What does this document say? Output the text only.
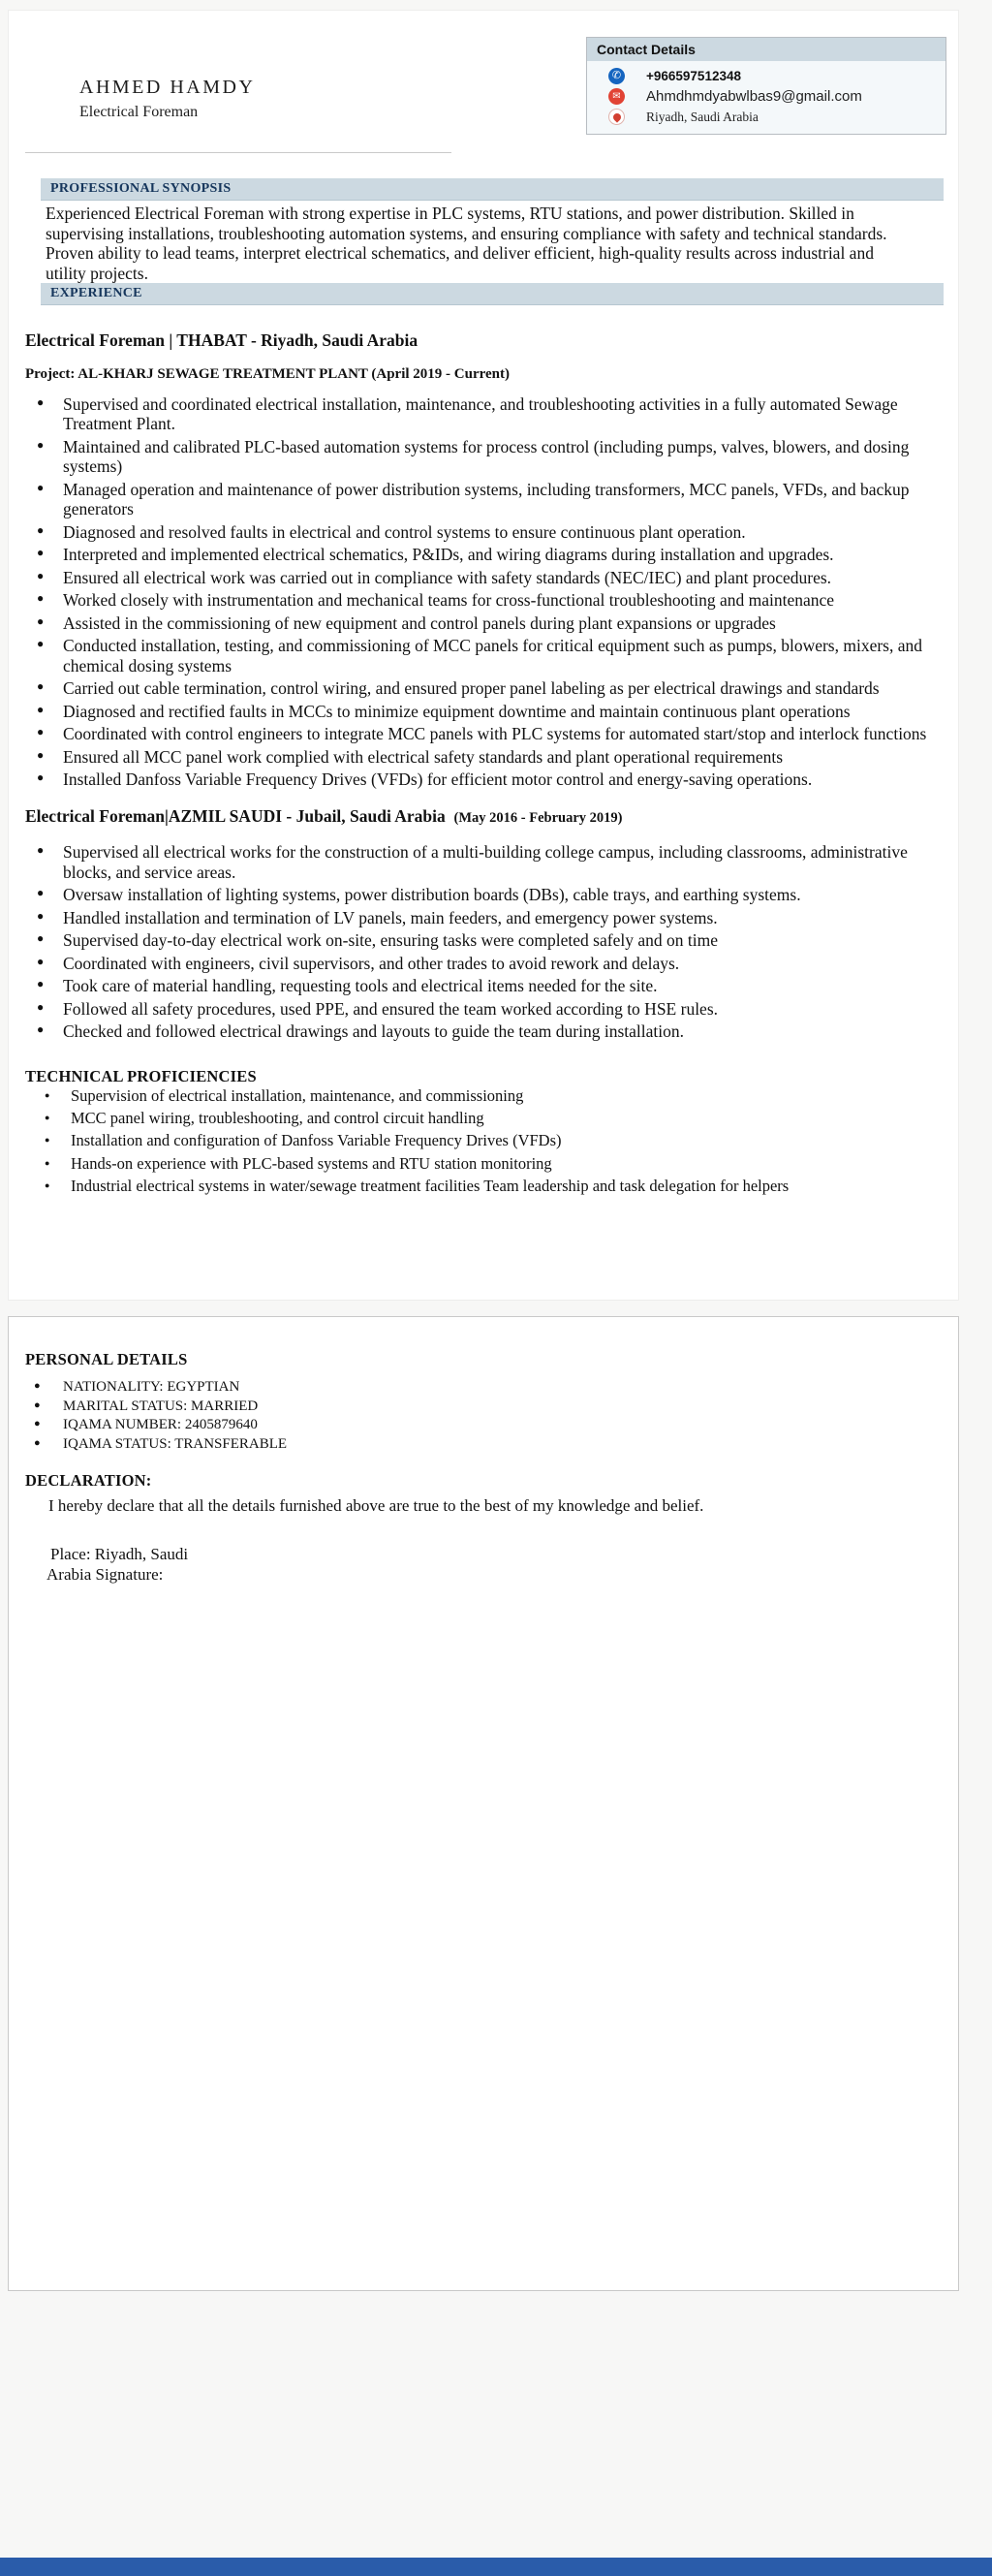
AHMED HAMDY
Electrical Foreman
Contact Details
✆ +966597512348
✉ Ahmdhmdyabwlbas9@gmail.com
Riyadh, Saudi Arabia
PROFESSIONAL SYNOPSIS

Experienced Electrical Foreman with strong expertise in PLC systems, RTU stations, and power distribution. Skilled in supervising installations, troubleshooting automation systems, and ensuring compliance with safety and technical standards. Proven ability to lead teams, interpret electrical schematics, and deliver efficient, high-quality results across industrial and utility projects.

EXPERIENCE
Electrical Foreman | THABAT - Riyadh, Saudi Arabia
Project: AL-KHARJ SEWAGE TREATMENT PLANT (April 2019 - Current)
● Supervised and coordinated electrical installation, maintenance, and troubleshooting activities in a fully automated Sewage Treatment Plant.
● Maintained and calibrated PLC-based automation systems for process control (including pumps, valves, blowers, and dosing systems)
● Managed operation and maintenance of power distribution systems, including transformers, MCC panels, VFDs, and backup generators
● Diagnosed and resolved faults in electrical and control systems to ensure continuous plant operation.
● Interpreted and implemented electrical schematics, P&IDs, and wiring diagrams during installation and upgrades.
● Ensured all electrical work was carried out in compliance with safety standards (NEC/IEC) and plant procedures.
● Worked closely with instrumentation and mechanical teams for cross-functional troubleshooting and maintenance
● Assisted in the commissioning of new equipment and control panels during plant expansions or upgrades
● Conducted installation, testing, and commissioning of MCC panels for critical equipment such as pumps, blowers, mixers, and chemical dosing systems
● Carried out cable termination, control wiring, and ensured proper panel labeling as per electrical drawings and standards
● Diagnosed and rectified faults in MCCs to minimize equipment downtime and maintain continuous plant operations
● Coordinated with control engineers to integrate MCC panels with PLC systems for automated start/stop and interlock functions
● Ensured all MCC panel work complied with electrical safety standards and plant operational requirements
● Installed Danfoss Variable Frequency Drives (VFDs) for efficient motor control and energy-saving operations.
Electrical Foreman|AZMIL SAUDI - Jubail, Saudi Arabia (May 2016 - February 2019)
● Supervised all electrical works for the construction of a multi-building college campus, including classrooms, administrative blocks, and service areas.
● Oversaw installation of lighting systems, power distribution boards (DBs), cable trays, and earthing systems.
● Handled installation and termination of LV panels, main feeders, and emergency power systems.
● Supervised day-to-day electrical work on-site, ensuring tasks were completed safely and on time
● Coordinated with engineers, civil supervisors, and other trades to avoid rework and delays.
● Took care of material handling, requesting tools and electrical items needed for the site.
● Followed all safety procedures, used PPE, and ensured the team worked according to HSE rules.
● Checked and followed electrical drawings and layouts to guide the team during installation.
TECHNICAL PROFICIENCIES
● Supervision of electrical installation, maintenance, and commissioning
● MCC panel wiring, troubleshooting, and control circuit handling
● Installation and configuration of Danfoss Variable Frequency Drives (VFDs)
● Hands-on experience with PLC-based systems and RTU station monitoring
● Industrial electrical systems in water/sewage treatment facilities Team leadership and task delegation for helpers
PERSONAL DETAILS
● NATIONALITY: EGYPTIAN
● MARITAL STATUS: MARRIED
● IQAMA NUMBER: 2405879640
● IQAMA STATUS: TRANSFERABLE
DECLARATION:

I hereby declare that all the details furnished above are true to the best of my knowledge and belief.

Place: Riyadh, Saudi

Arabia Signature:
